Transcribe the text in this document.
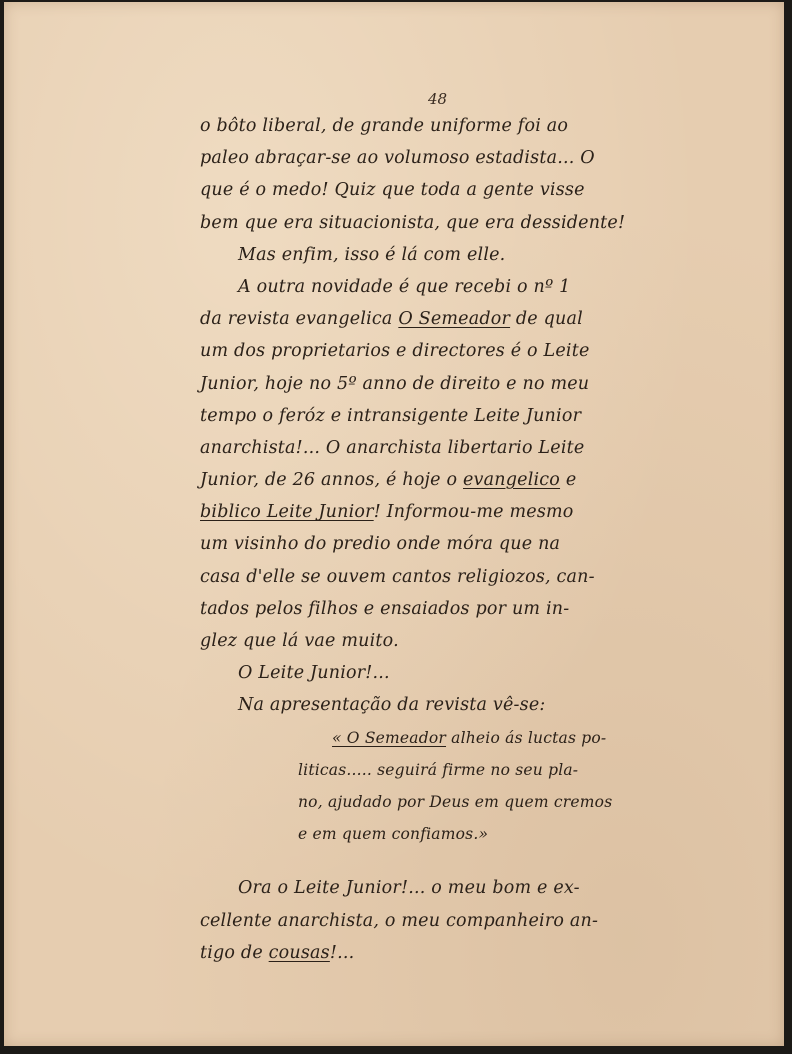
48
o bôto liberal, de grande uniforme foi ao
paleo abraçar-se ao volumoso estadista... O
que é o medo! Quiz que toda a gente visse
bem que era situacionista, que era dessidente!
Mas enfim, isso é lá com elle.
A outra novidade é que recebi o nº 1
da revista evangelica O Semeador de qual
um dos proprietarios e directores é o Leite
Junior, hoje no 5º anno de direito e no meu
tempo o feróz e intransigente Leite Junior
anarchista!... O anarchista libertario Leite
Junior, de 26 annos, é hoje o evangelico e
biblico Leite Junior! Informou-me mesmo
um visinho do predio onde móra que na
casa d'elle se ouvem cantos religiozos, can-
tados pelos filhos e ensaiados por um in-
glez que lá vae muito.
O Leite Junior!...
Na apresentação da revista vê-se:
« O Semeador alheio ás luctas po-
liticas..... seguirá firme no seu pla-
no, ajudado por Deus em quem cremos
e em quem confiamos.»
Ora o Leite Junior!... o meu bom e ex-
cellente anarchista, o meu companheiro an-
tigo de cousas!...
